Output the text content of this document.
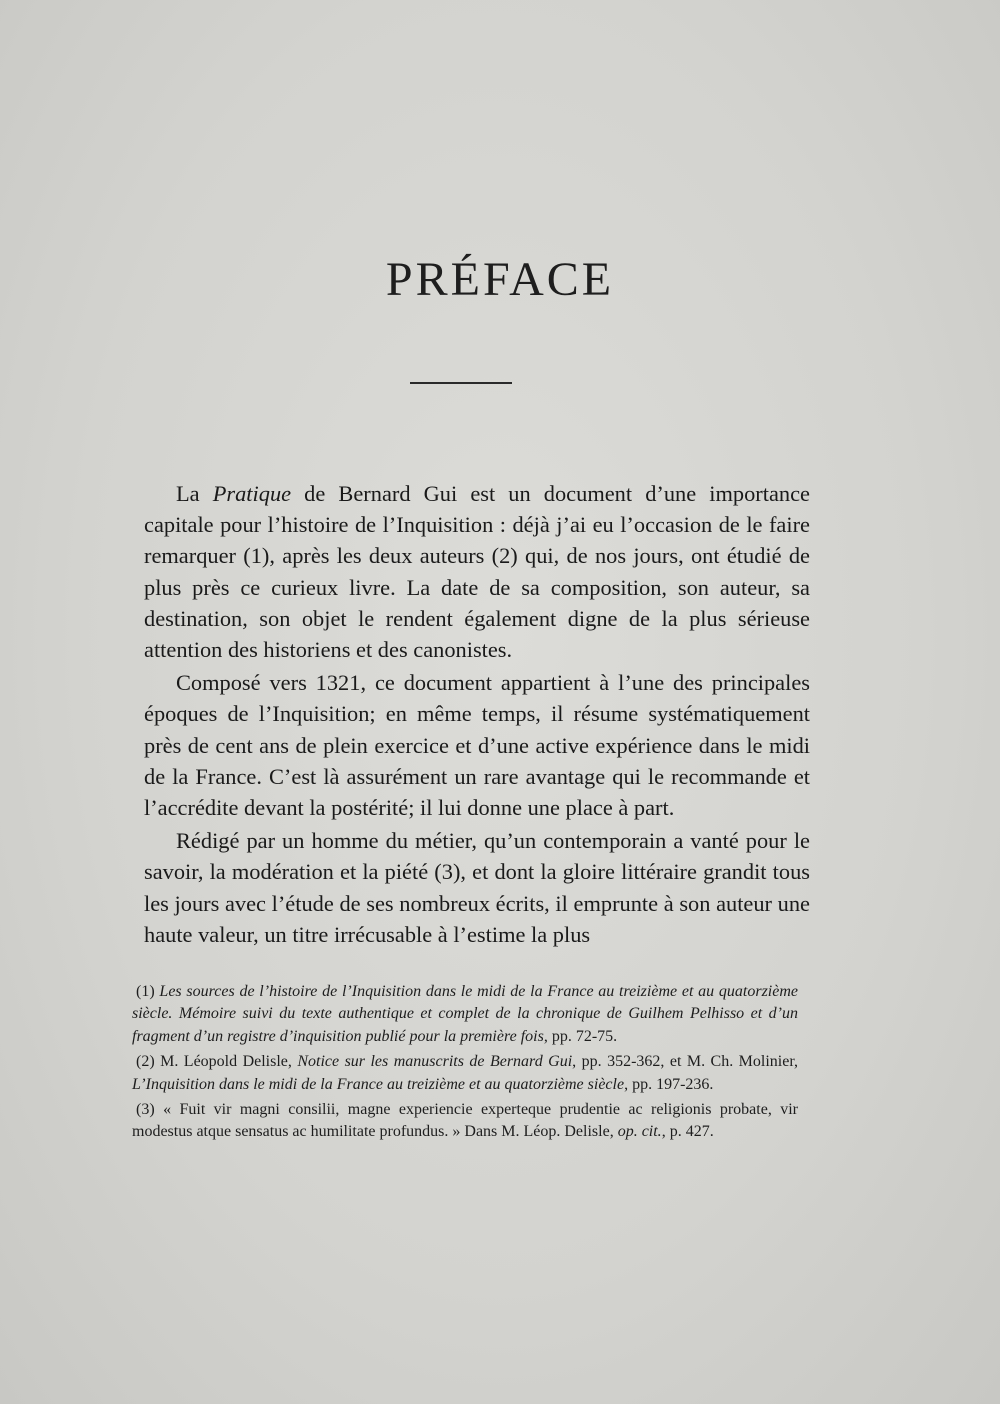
PRÉFACE

La Pratique de Bernard Gui est un document d’une importance capitale pour l’histoire de l’Inquisition : déjà j’ai eu l’occasion de le faire remarquer (1), après les deux auteurs (2) qui, de nos jours, ont étudié de plus près ce curieux livre. La date de sa composition, son auteur, sa destination, son objet le rendent également digne de la plus sérieuse attention des historiens et des canonistes.

Composé vers 1321, ce document appartient à l’une des principales époques de l’Inquisition; en même temps, il résume systématiquement près de cent ans de plein exercice et d’une active expérience dans le midi de la France. C’est là assurément un rare avantage qui le recommande et l’accrédite devant la postérité; il lui donne une place à part.

Rédigé par un homme du métier, qu’un contemporain a vanté pour le savoir, la modération et la piété (3), et dont la gloire littéraire grandit tous les jours avec l’étude de ses nombreux écrits, il emprunte à son auteur une haute valeur, un titre irrécusable à l’estime la plus

(1) Les sources de l’histoire de l’Inquisition dans le midi de la France au treizième et au quatorzième siècle. Mémoire suivi du texte authentique et complet de la chronique de Guilhem Pelhisso et d’un fragment d’un registre d’inquisition publié pour la première fois, pp. 72-75.

(2) M. Léopold Delisle, Notice sur les manuscrits de Bernard Gui, pp. 352-362, et M. Ch. Molinier, L’Inquisition dans le midi de la France au treizième et au quatorzième siècle, pp. 197-236.

(3) « Fuit vir magni consilii, magne experiencie experteque prudentie ac religionis probate, vir modestus atque sensatus ac humilitate profundus. » Dans M. Léop. Delisle, op. cit., p. 427.
